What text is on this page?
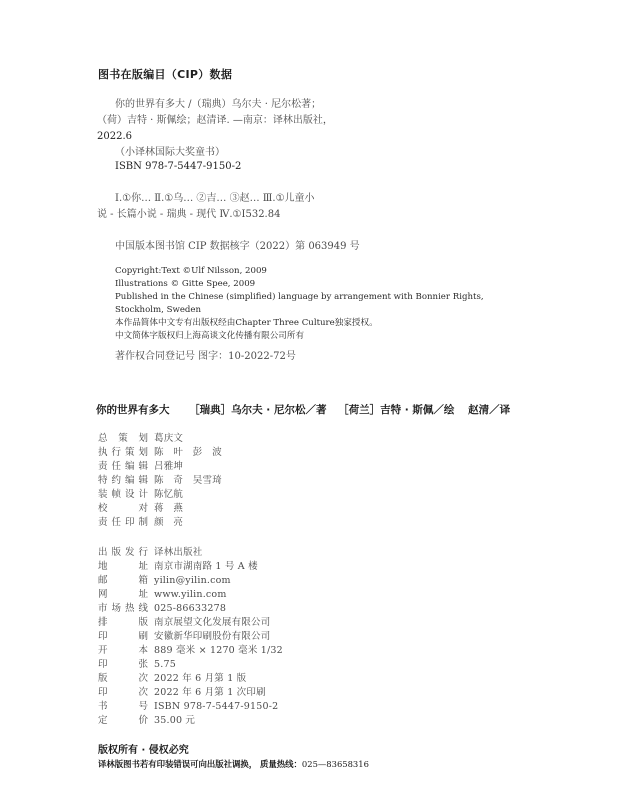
图书在版编目（CIP）数据
你的世界有多大 /（瑞典）乌尔夫 · 尼尔松著；
（荷）吉特 · 斯佩绘；赵清译. —南京：译林出版社，
2022.6
（小译林国际大奖童书）
ISBN 978-7-5447-9150-2
Ⅰ.①你… Ⅱ.①乌… ②吉… ③赵… Ⅲ.①儿童小
说 - 长篇小说 - 瑞典 - 现代 Ⅳ.①I532.84
中国版本图书馆 CIP 数据核字（2022）第 063949 号
Copyright:Text ©Ulf Nilsson, 2009
Illustrations © Gitte Spee, 2009
Published in the Chinese (simplified) language by arrangement with Bonnier Rights,
Stockholm, Sweden
本作品简体中文专有出版权经由Chapter Three Culture独家授权。
中文简体字版权归上海高谈文化传播有限公司所有
著作权合同登记号 图字：10-2022-72号
你的世界有多大 ［瑞典］乌尔夫 · 尼尔松／著 ［荷兰］吉特 · 斯佩／绘 赵清／译
总策划 葛庆文
执行策划 陈　叶　彭　波
责任编辑 吕雅坤
特约编辑 陈　奇　吴雪琦
装帧设计 陈忆航
校对 蒋　燕
责任印制 颜　亮
出版发行 译林出版社
地址 南京市湖南路 1 号 A 楼
邮箱 yilin@yilin.com
网址 www.yilin.com
市场热线 025-86633278
排版 南京展望文化发展有限公司
印刷 安徽新华印刷股份有限公司
开本 889 毫米 × 1270 毫米 1/32
印张 5.75
版次 2022 年 6 月第 1 版
印次 2022 年 6 月第 1 次印刷
书号 ISBN 978-7-5447-9150-2
定价 35.00 元
版权所有 · 侵权必究
译林版图书若有印装错误可向出版社调换， 质量热线：025—83658316
